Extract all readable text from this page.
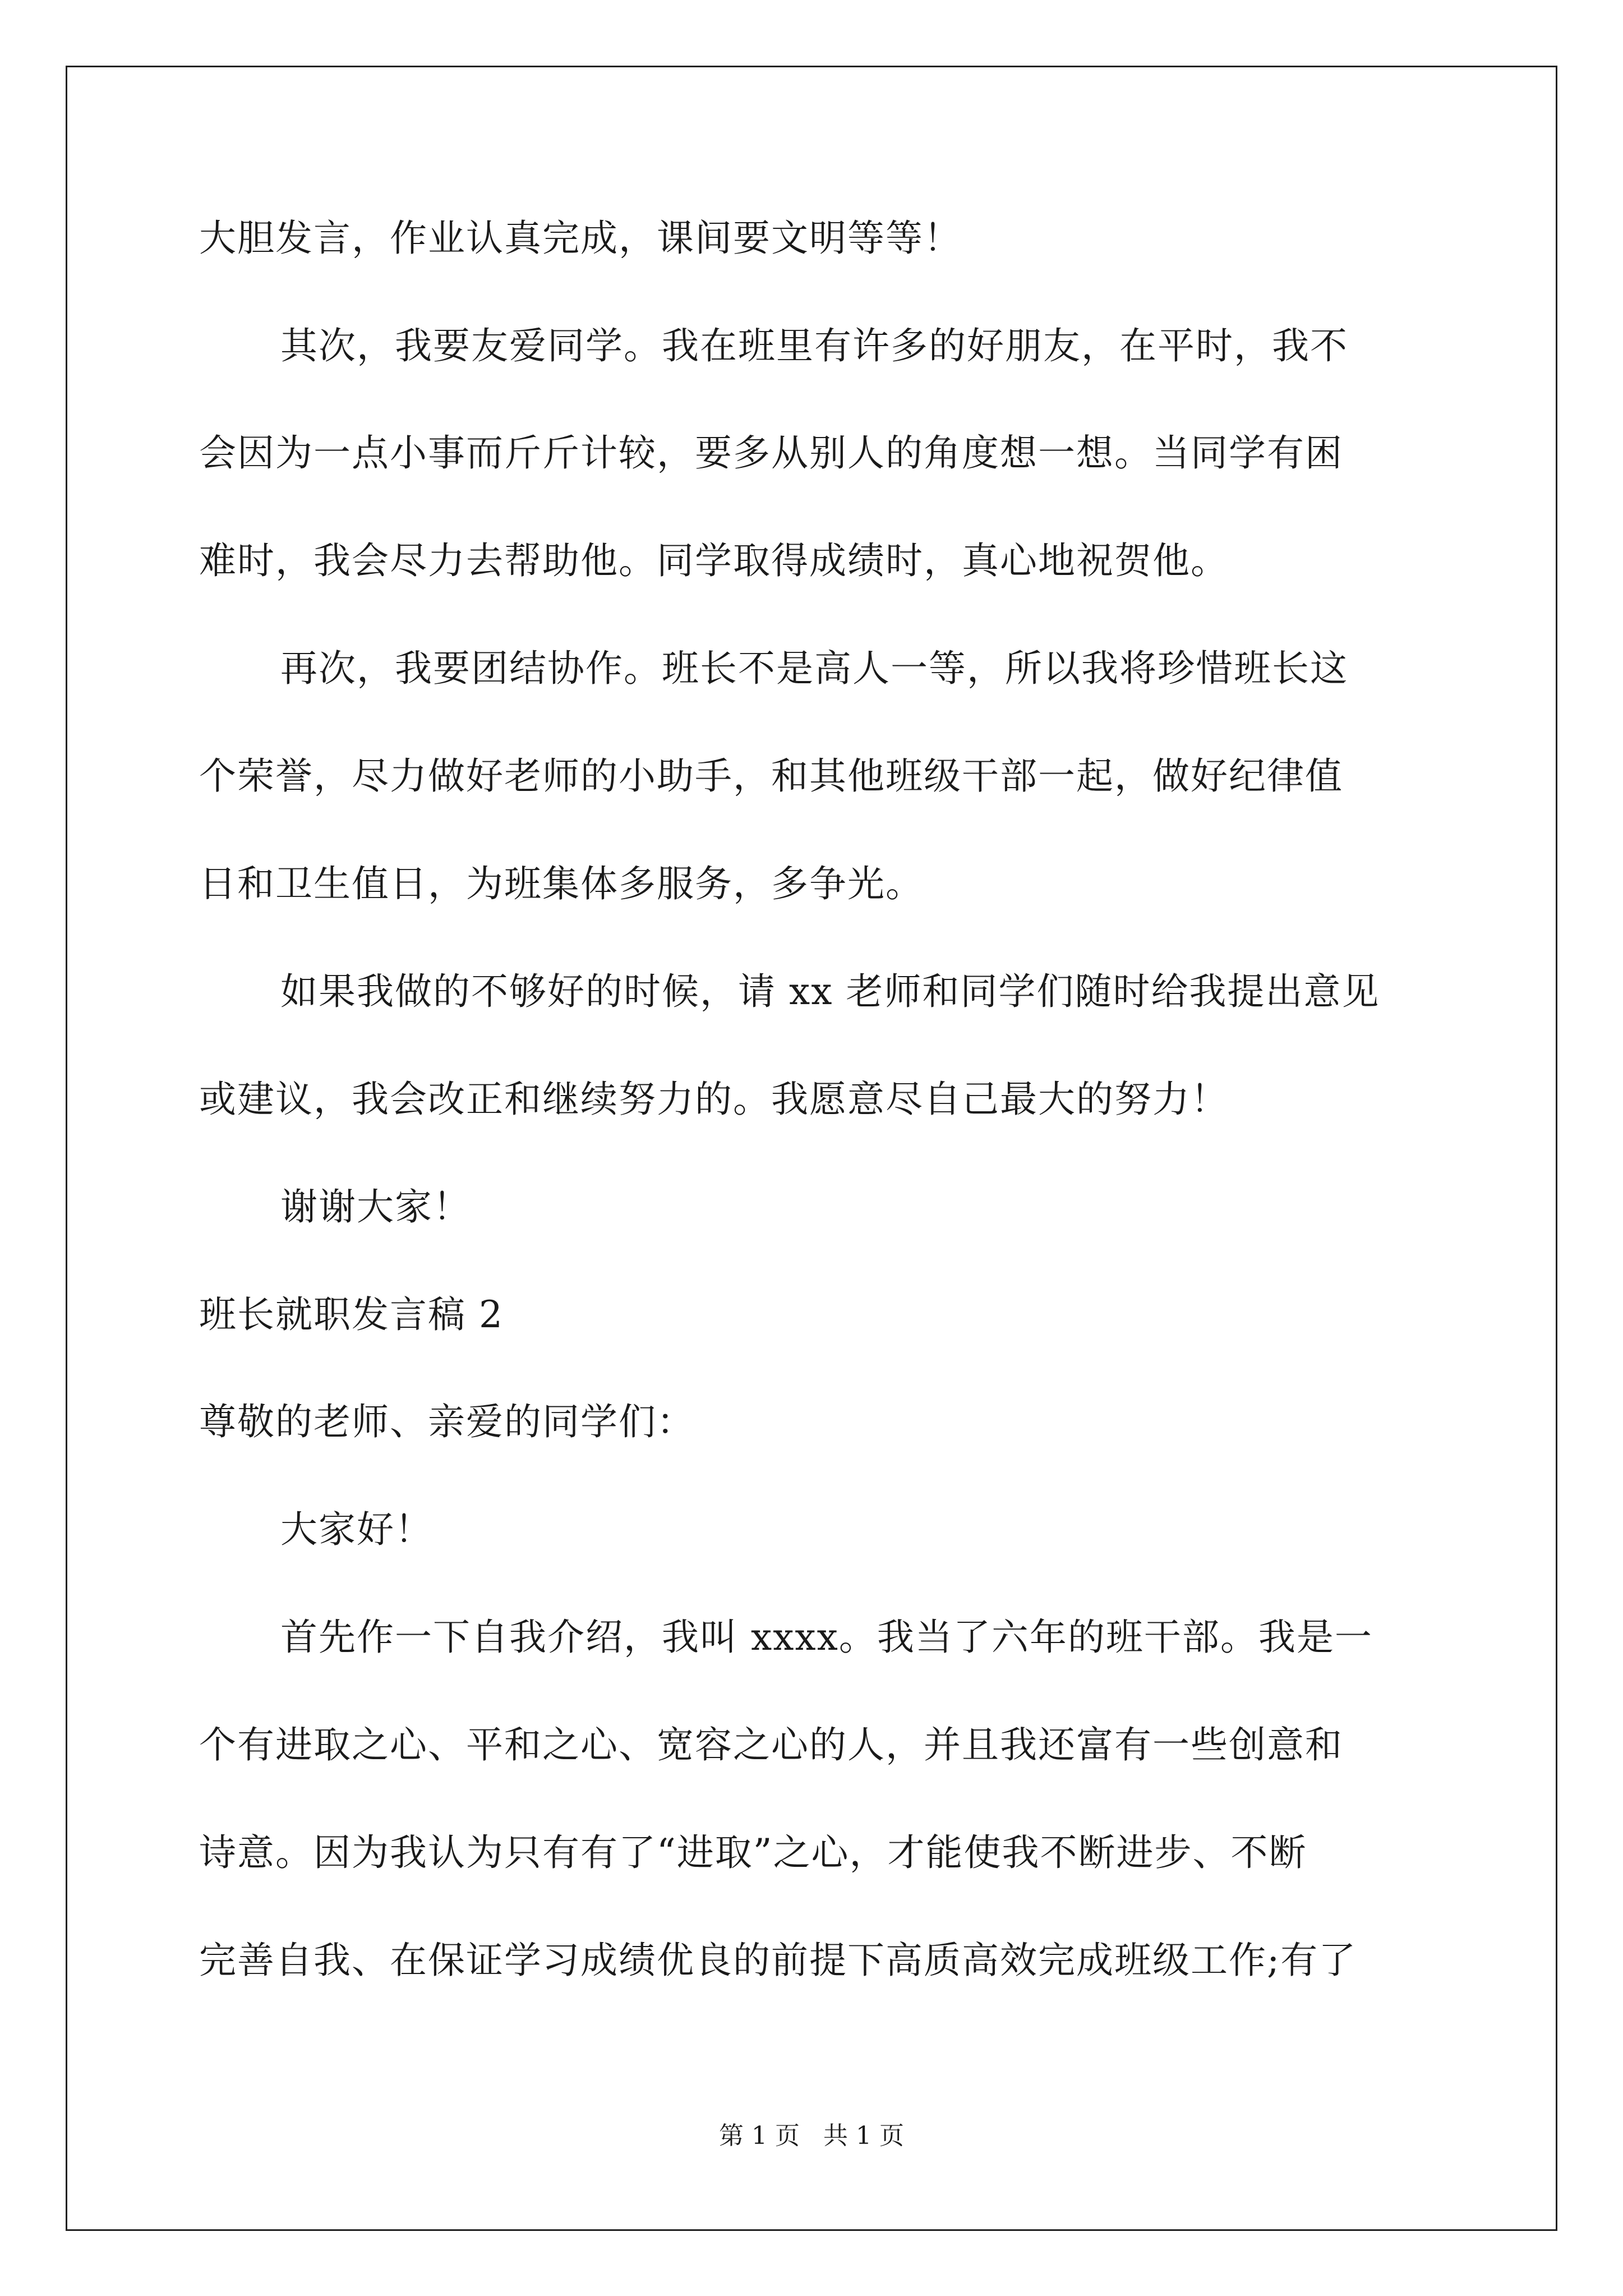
大胆发言，作业认真完成，课间要文明等等！
其次，我要友爱同学。我在班里有许多的好朋友，在平时，我不
会因为一点小事而斤斤计较，要多从别人的角度想一想。当同学有困
难时，我会尽力去帮助他。同学取得成绩时，真心地祝贺他。
再次，我要团结协作。班长不是高人一等，所以我将珍惜班长这
个荣誉，尽力做好老师的小助手，和其他班级干部一起，做好纪律值
日和卫生值日，为班集体多服务，多争光。
如果我做的不够好的时候，请 xx 老师和同学们随时给我提出意见
或建议，我会改正和继续努力的。我愿意尽自己最大的努力！
谢谢大家！
班长就职发言稿 2
尊敬的老师、亲爱的同学们：
大家好！
首先作一下自我介绍，我叫 xxxx。我当了六年的班干部。我是一
个有进取之心、平和之心、宽容之心的人，并且我还富有一些创意和
诗意。因为我认为只有有了“进取”之心，才能使我不断进步、不断
完善自我、在保证学习成绩优良的前提下高质高效完成班级工作;有了
第 1 页   共 1 页
